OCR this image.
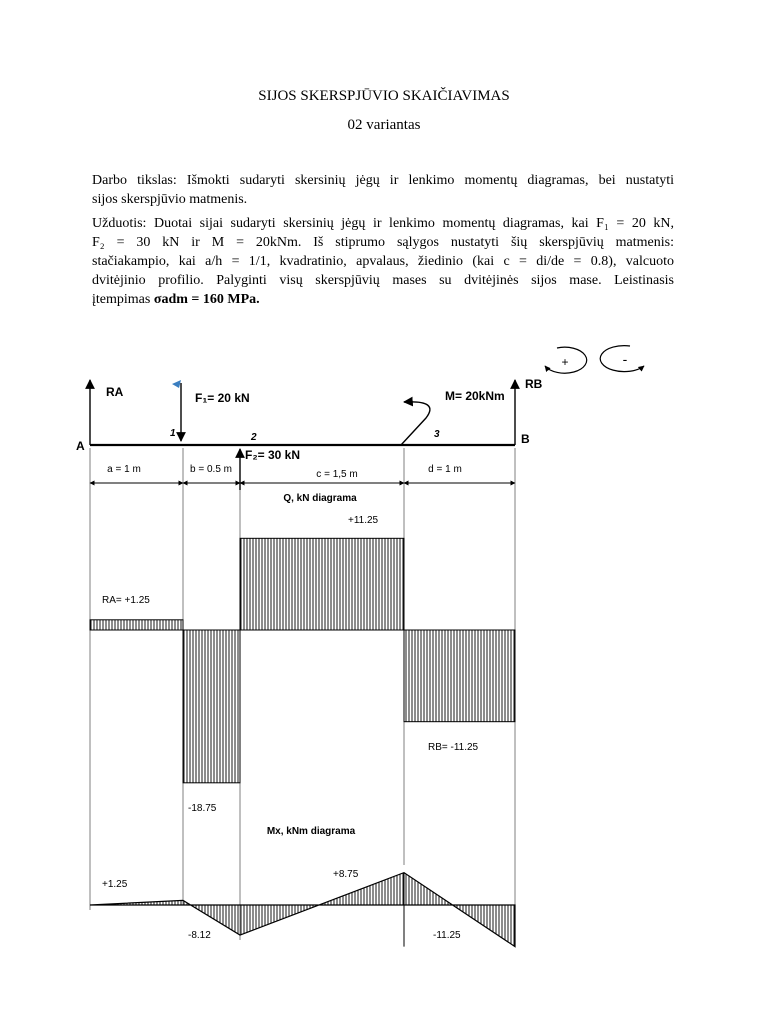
SIJOS SKERSPJŪVIO SKAIČIAVIMAS
02 variantas
Darbo tikslas: Išmokti sudaryti skersinių jėgų ir lenkimo momentų diagramas, bei nustatyti
sijos skerspjūvio matmenis.
Užduotis: Duotai sijai sudaryti skersinių jėgų ir lenkimo momentų diagramas, kai F₁ = 20 kN,
F₂ = 30 kN ir M = 20kNm. Iš stiprumo sąlygos nustatyti šių skerspjūvių matmenis:
stačiakampio, kai a/h = 1/1, kvadratinio, apvalaus, žiedinio (kai c = di/de = 0.8), valcuoto
dvitėjinio profilio. Palyginti visų skerspjūvių mases su dvitėjinės sijos mase. Leistinasis
įtempimas σadm = 160 MPa.
+	-
RA
RB
A	B
F₁= 20 kN
F₂= 30 kN
M= 20kNm
1	2	3
a = 1 m	b = 0.5 m	c = 1,5 m	d = 1 m
Q, kN diagrama
RA= +1.25
-18.75
+11.25
RB= -11.25
Mx, kNm diagrama
+1.25
-8.12
+8.75
-11.25
